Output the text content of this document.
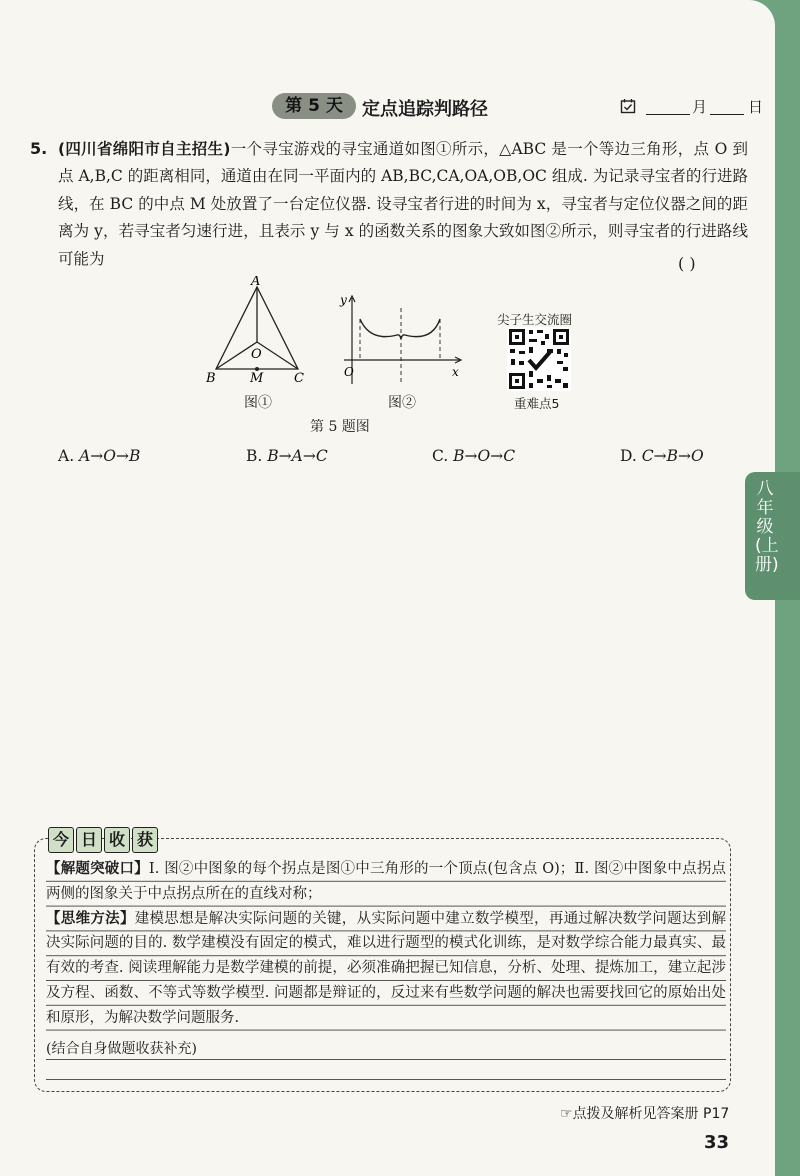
第 5 天	定点追踪判路径	月	日
5. (四川省绵阳市自主招生)一个寻宝游戏的寻宝通道如图①所示，△ABC 是一个等边三角形，点 O 到点 A,B,C 的距离相同，通道由在同一平面内的 AB,BC,CA,OA,OB,OC 组成. 为记录寻宝者的行进路线，在 BC 的中点 M 处放置了一台定位仪器. 设寻宝者行进的时间为 x，寻宝者与定位仪器之间的距离为 y，若寻宝者匀速行进，且表示 y 与 x 的函数关系的图象大致如图②所示，则寻宝者的行进路线可能为	( )
A
B	C
O
M
图①
y
x
O
图②
第 5 题图
尖子生交流圈
重难点5
A. A→O→B	B. B→A→C	C. B→O→C	D. C→B→O
八年级(上册)
今 日 收 获
【解题突破口】Ⅰ. 图②中图象的每个拐点是图①中三角形的一个顶点(包含点 O)；Ⅱ. 图②中图象中点拐点两侧的图象关于中点拐点所在的直线对称；
【思维方法】建模思想是解决实际问题的关键，从实际问题中建立数学模型，再通过解决数学问题达到解决实际问题的目的. 数学建模没有固定的模式，难以进行题型的模式化训练，是对数学综合能力最真实、最有效的考查. 阅读理解能力是数学建模的前提，必须准确把握已知信息，分析、处理、提炼加工，建立起涉及方程、函数、不等式等数学模型. 问题都是辩证的，反过来有些数学问题的解决也需要找回它的原始出处和原形，为解决数学问题服务.
(结合自身做题收获补充)
☞点拨及解析见答案册 P17
33
